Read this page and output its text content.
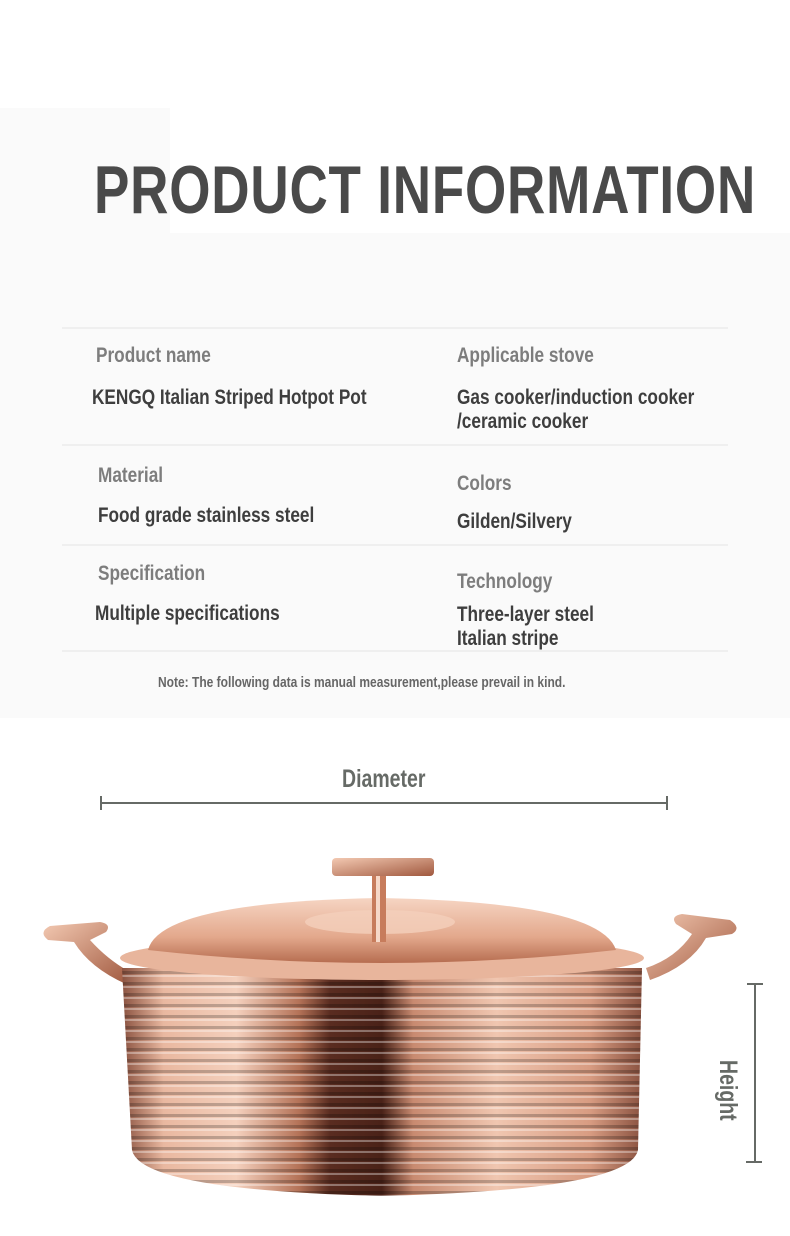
PRODUCT INFORMATION
Product name
KENGQ Italian Striped Hotpot Pot
Applicable stove
Gas cooker/induction cooker
/ceramic cooker
Material
Food grade stainless steel
Colors
Gilden/Silvery
Specification
Multiple specifications
Technology
Three-layer steel
Italian stripe
Note: The following data is manual measurement,please prevail in kind.
Diameter
Height
